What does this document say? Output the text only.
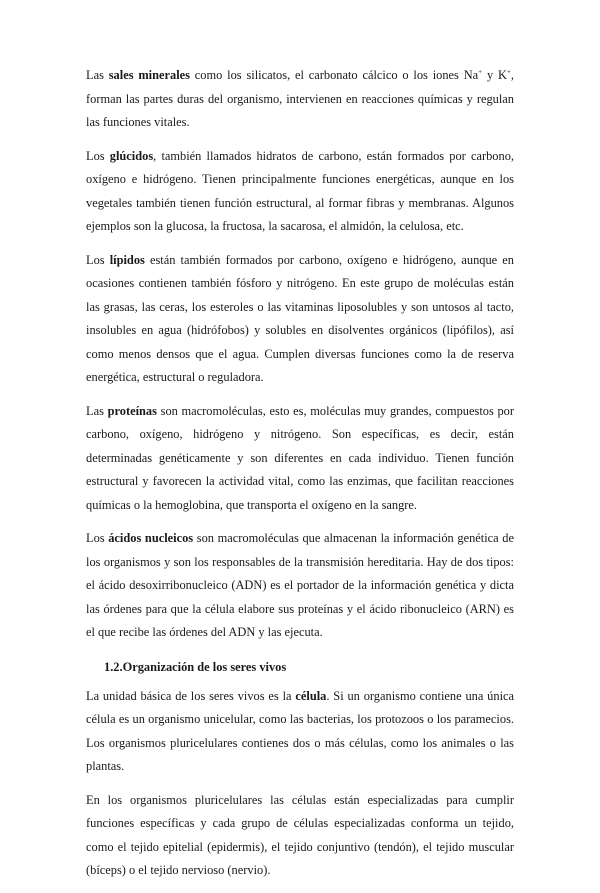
Las sales minerales como los silicatos, el carbonato cálcico o los iones Na+ y K+, forman las partes duras del organismo, intervienen en reacciones químicas y regulan las funciones vitales.

Los glúcidos, también llamados hidratos de carbono, están formados por carbono, oxígeno e hidrógeno. Tienen principalmente funciones energéticas, aunque en los vegetales también tienen función estructural, al formar fibras y membranas. Algunos ejemplos son la glucosa, la fructosa, la sacarosa, el almidón, la celulosa, etc.

Los lípidos están también formados por carbono, oxígeno e hidrógeno, aunque en ocasiones contienen también fósforo y nitrógeno. En este grupo de moléculas están las grasas, las ceras, los esteroles o las vitaminas liposolubles y son untosos al tacto, insolubles en agua (hidrófobos) y solubles en disolventes orgánicos (lipófilos), así como menos densos que el agua. Cumplen diversas funciones como la de reserva energética, estructural o reguladora.

Las proteínas son macromoléculas, esto es, moléculas muy grandes, compuestos por carbono, oxígeno, hidrógeno y nitrógeno. Son específicas, es decir, están determinadas genéticamente y son diferentes en cada individuo. Tienen función estructural y favorecen la actividad vital, como las enzimas, que facilitan reacciones químicas o la hemoglobina, que transporta el oxígeno en la sangre.

Los ácidos nucleicos son macromoléculas que almacenan la información genética de los organismos y son los responsables de la transmisión hereditaria. Hay de dos tipos: el ácido desoxirribonucleico (ADN) es el portador de la información genética y dicta las órdenes para que la célula elabore sus proteínas y el ácido ribonucleico (ARN) es el que recibe las órdenes del ADN y las ejecuta.

1.2.Organización de los seres vivos

La unidad básica de los seres vivos es la célula. Si un organismo contiene una única célula es un organismo unicelular, como las bacterias, los protozoos o los paramecios. Los organismos pluricelulares contienes dos o más células, como los animales o las plantas.

En los organismos pluricelulares las células están especializadas para cumplir funciones específicas y cada grupo de células especializadas conforma un tejido, como el tejido epitelial (epidermis), el tejido conjuntivo (tendón), el tejido muscular (bíceps) o el tejido nervioso (nervio).
